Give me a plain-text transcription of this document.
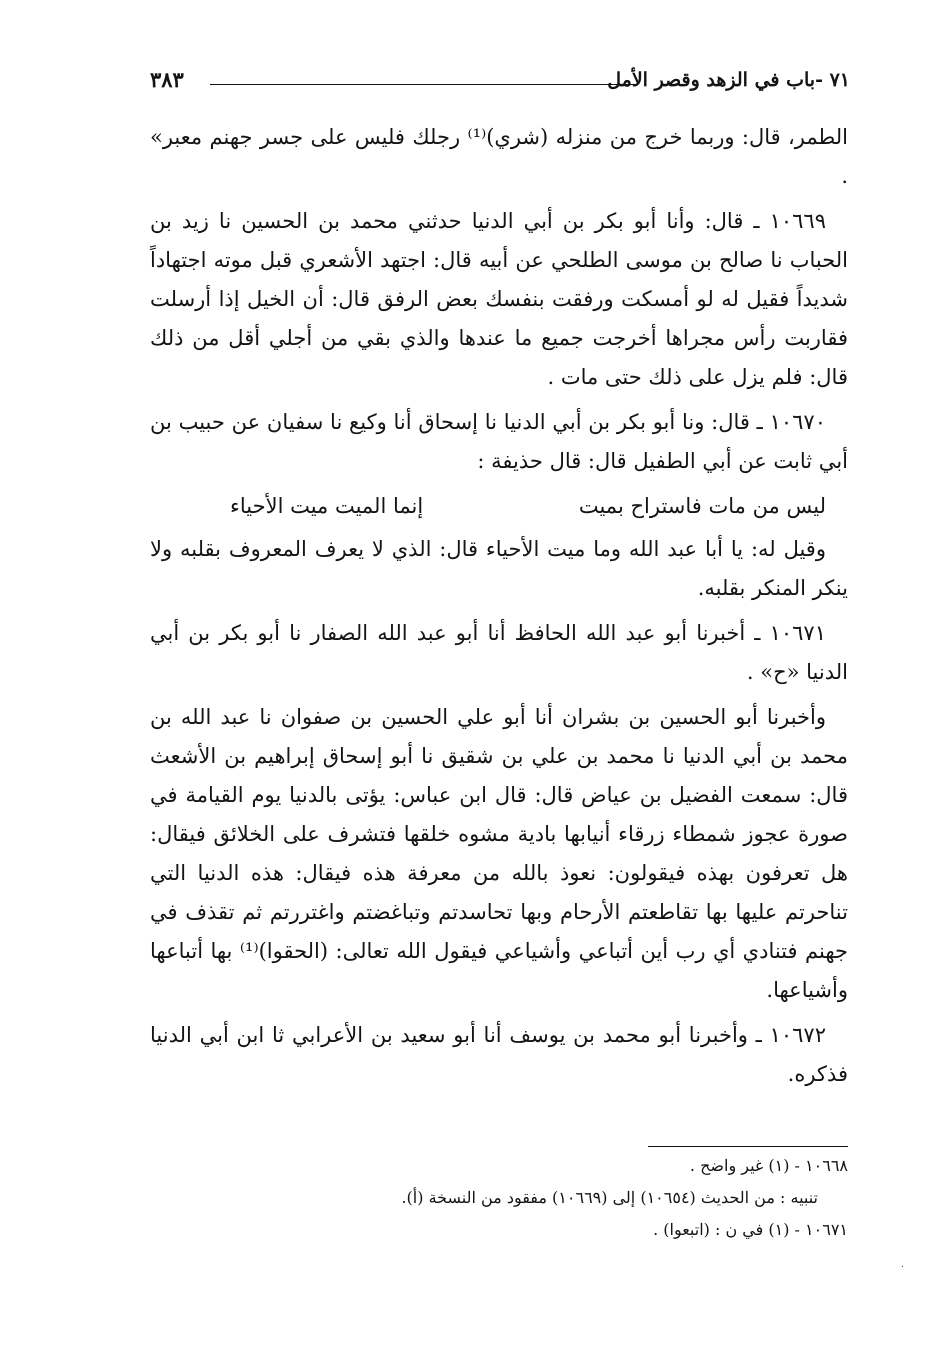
٧١ -باب في الزهد وقصر الأمل
٣٨٣

الطمر، قال: وربما خرج من منزله (شري)⁽¹⁾ رجلك فليس على جسر جهنم معبر» .

١٠٦٦٩ ـ قال: وأنا أبو بكر بن أبي الدنيا حدثني محمد بن الحسين نا زيد بن الحباب نا صالح بن موسى الطلحي عن أبيه قال: اجتهد الأشعري قبل موته اجتهاداً شديداً فقيل له لو أمسكت ورفقت بنفسك بعض الرفق قال: أن الخيل إذا أرسلت فقاربت رأس مجراها أخرجت جميع ما عندها والذي بقي من أجلي أقل من ذلك قال: فلم يزل على ذلك حتى مات .

١٠٦٧٠ ـ قال: ونا أبو بكر بن أبي الدنيا نا إسحاق أنا وكيع نا سفيان عن حبيب بن أبي ثابت عن أبي الطفيل قال: قال حذيفة :

ليس من مات فاستراح بميت
إنما الميت ميت الأحياء

وقيل له: يا أبا عبد الله وما ميت الأحياء قال: الذي لا يعرف المعروف بقلبه ولا ينكر المنكر بقلبه.

١٠٦٧١ ـ أخبرنا أبو عبد الله الحافظ أنا أبو عبد الله الصفار نا أبو بكر بن أبي الدنيا «ح» .

وأخبرنا أبو الحسين بن بشران أنا أبو علي الحسين بن صفوان نا عبد الله بن محمد بن أبي الدنيا نا محمد بن علي بن شقيق نا أبو إسحاق إبراهيم بن الأشعث قال: سمعت الفضيل بن عياض قال: قال ابن عباس: يؤتى بالدنيا يوم القيامة في صورة عجوز شمطاء زرقاء أنيابها بادية مشوه خلقها فتشرف على الخلائق فيقال: هل تعرفون بهذه فيقولون: نعوذ بالله من معرفة هذه فيقال: هذه الدنيا التي تناحرتم عليها بها تقاطعتم الأرحام وبها تحاسدتم وتباغضتم واغتررتم ثم تقذف في جهنم فتنادي أي رب أين أتباعي وأشياعي فيقول الله تعالى: (الحقوا)⁽¹⁾ بها أتباعها وأشياعها.

١٠٦٧٢ ـ وأخبرنا أبو محمد بن يوسف أنا أبو سعيد بن الأعرابي ثا ابن أبي الدنيا فذكره.

١٠٦٦٨ - (١) غير واضح .

تنبيه : من الحديث (١٠٦٥٤) إلى (١٠٦٦٩) مفقود من النسخة (أ).

١٠٦٧١ - (١) في ن : (اتبعوا) .

·
